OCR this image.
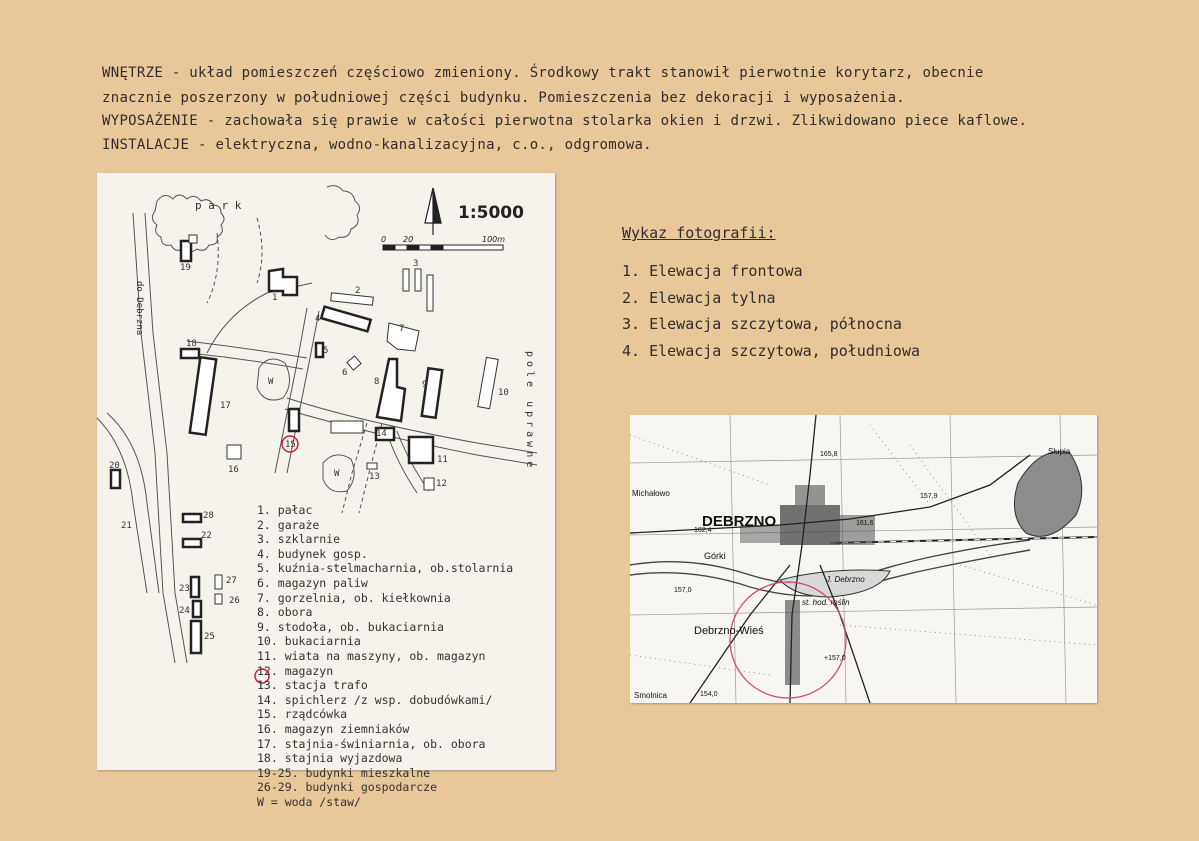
WNĘTRZE - układ pomieszczeń częściowo zmieniony. Środkowy trakt stanowił pierwotnie korytarz, obecnie
znacznie poszerzony w południowej części budynku. Pomieszczenia bez dekoracji i wyposażenia.
WYPOSAŻENIE - zachowała się prawie w całości pierwotna stolarka okien i drzwi. Zlikwidowano piece kaflowe.
INSTALACJE - elektryczna, wodno-kanalizacyjna, c.o., odgromowa.
1
2
3
4
5
6
7
8	9
10
11
12
13
14
15
16
17
18
19
20
21
22
23
24
25
26
27
28
W
W
do Debrzna
pole uprawne
p a r k
0 20	100m
1:5000
1. pałac
2. garaże
3. szklarnie
4. budynek gosp.
5. kuźnia-stelmacharnia, ob.stolarnia
6. magazyn paliw
7. gorzelnia, ob. kiełkownia
8. obora
9. stodoła, ob. bukaciarnia
10. bukaciarnia
11. wiata na maszyny, ob. magazyn
12. magazyn
13. stacja trafo
14. spichlerz /z wsp. dobudówkami/
15. rządcówka
16. magazyn ziemniaków
17. stajnia-świniarnia, ob. obora
18. stajnia wyjazdowa
19-25. budynki mieszkalne
26-29. budynki gospodarcze
W = woda /staw/
Wykaz fotografii:
1. Elewacja frontowa
2. Elewacja tylna
3. Elewacja szczytowa, północna
4. Elewacja szczytowa, południowa
DEBRZNO
Debrzno-Wieś
Michałowo
Górki
Słupia
Smolnica
J. Debrzno
st. hod. roślin
165,8
162,4
161,6
157,9
157,0
+157,0
154,0
